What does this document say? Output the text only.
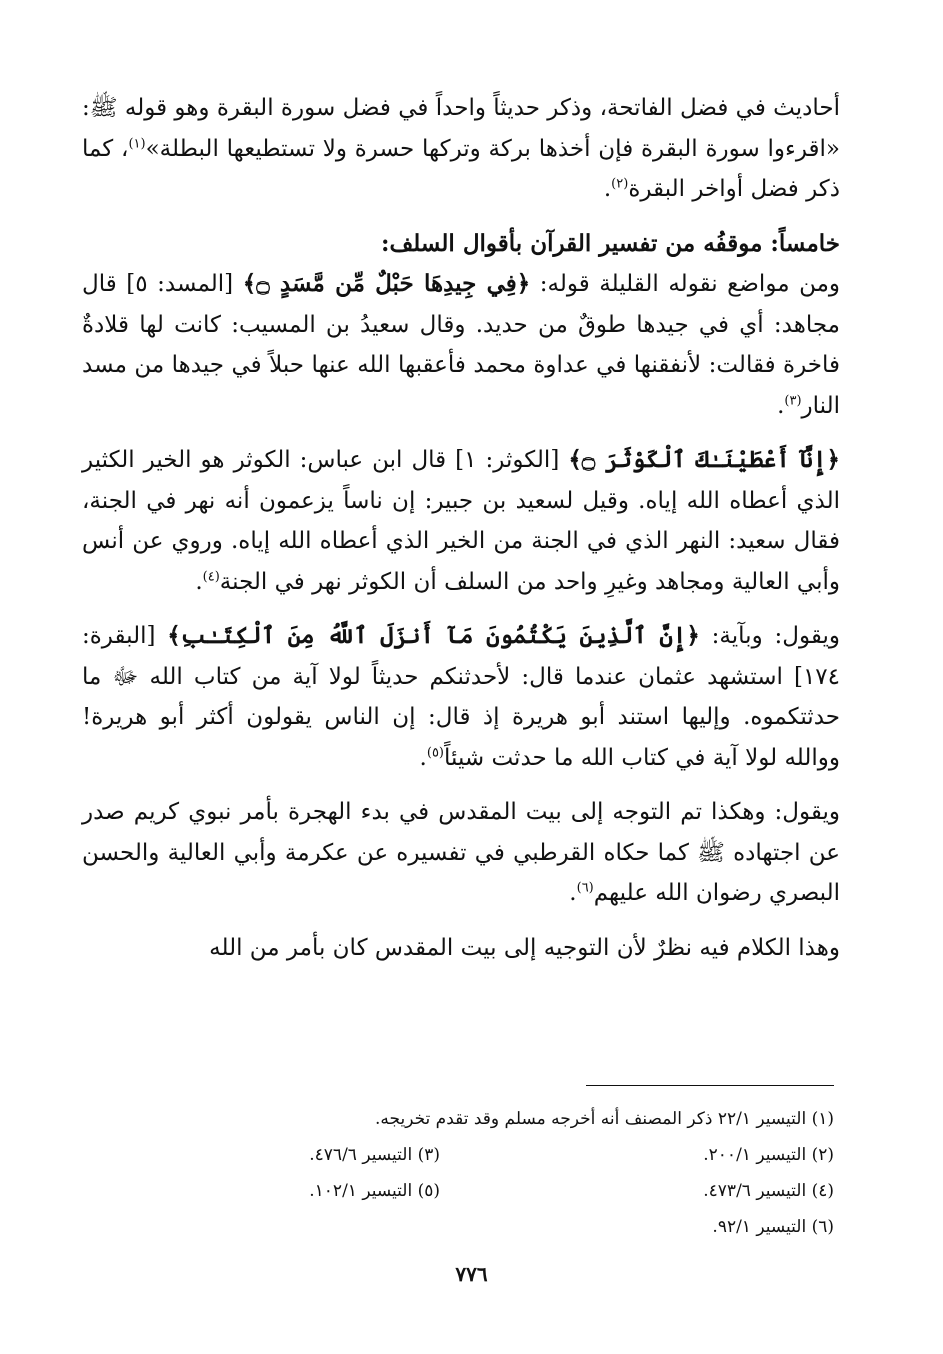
أحاديث في فضل الفاتحة، وذكر حديثاً واحداً في فضل سورة البقرة وهو قوله ﷺ: «اقرءوا سورة البقرة فإن أخذها بركة وتركها حسرة ولا تستطيعها البطلة»$^{(١)}$، كما ذكر فضل أواخر البقرة$^{(٢)}$.

خامساً: موقفُه من تفسير القرآن بأقوال السلف:

ومن مواضع نقوله القليلة قوله: ﴿فِي جِيدِهَا حَبْلٌ مِّن مَّسَدٍ ۝﴾ [المسد: ٥] قال مجاهد: أي في جيدها طوقٌ من حديد. وقال سعيدُ بن المسيب: كانت لها قلادةٌ فاخرة فقالت: لأنفقنها في عداوة محمد فأعقبها الله عنها حبلاً في جيدها من مسد النار$^{(٣)}$.

﴿إِنَّآ أَعْطَيْنَـٰكَ ٱلْكَوْثَرَ ۝﴾ [الكوثر: ١] قال ابن عباس: الكوثر هو الخير الكثير الذي أعطاه الله إياه. وقيل لسعيد بن جبير: إن ناساً يزعمون أنه نهر في الجنة، فقال سعيد: النهر الذي في الجنة من الخير الذي أعطاه الله إياه. وروي عن أنس وأبي العالية ومجاهد وغيرِ واحد من السلف أن الكوثر نهر في الجنة$^{(٤)}$.

ويقول: وبآية: ﴿إِنَّ ٱلَّذِينَ يَكْتُمُونَ مَآ أَنزَلَ ٱللَّهُ مِنَ ٱلْكِتَـٰبِ﴾ [البقرة: ١٧٤] استشهد عثمان عندما قال: لأحدثنكم حديثاً لولا آية من كتاب الله ﷻ ما حدثتكموه. وإليها استند أبو هريرة إذ قال: إن الناس يقولون أكثر أبو هريرة! ووالله لولا آية في كتاب الله ما حدثت شيئاً$^{(٥)}$.

ويقول: وهكذا تم التوجه إلى بيت المقدس في بدء الهجرة بأمر نبوي كريم صدر عن اجتهاده ﷺ كما حكاه القرطبي في تفسيره عن عكرمة وأبي العالية والحسن البصري رضوان الله عليهم$^{(٦)}$.

وهذا الكلام فيه نظرٌ لأن التوجيه إلى بيت المقدس كان بأمر من الله

(١) التيسير ٢٢/١ ذكر المصنف أنه أخرجه مسلم وقد تقدم تخريجه.
(٢) التيسير ٢٠٠/١.
(٣) التيسير ٤٧٦/٦.
(٤) التيسير ٤٧٣/٦.
(٥) التيسير ١٠٢/١.
(٦) التيسير ٩٢/١.
٧٧٦
